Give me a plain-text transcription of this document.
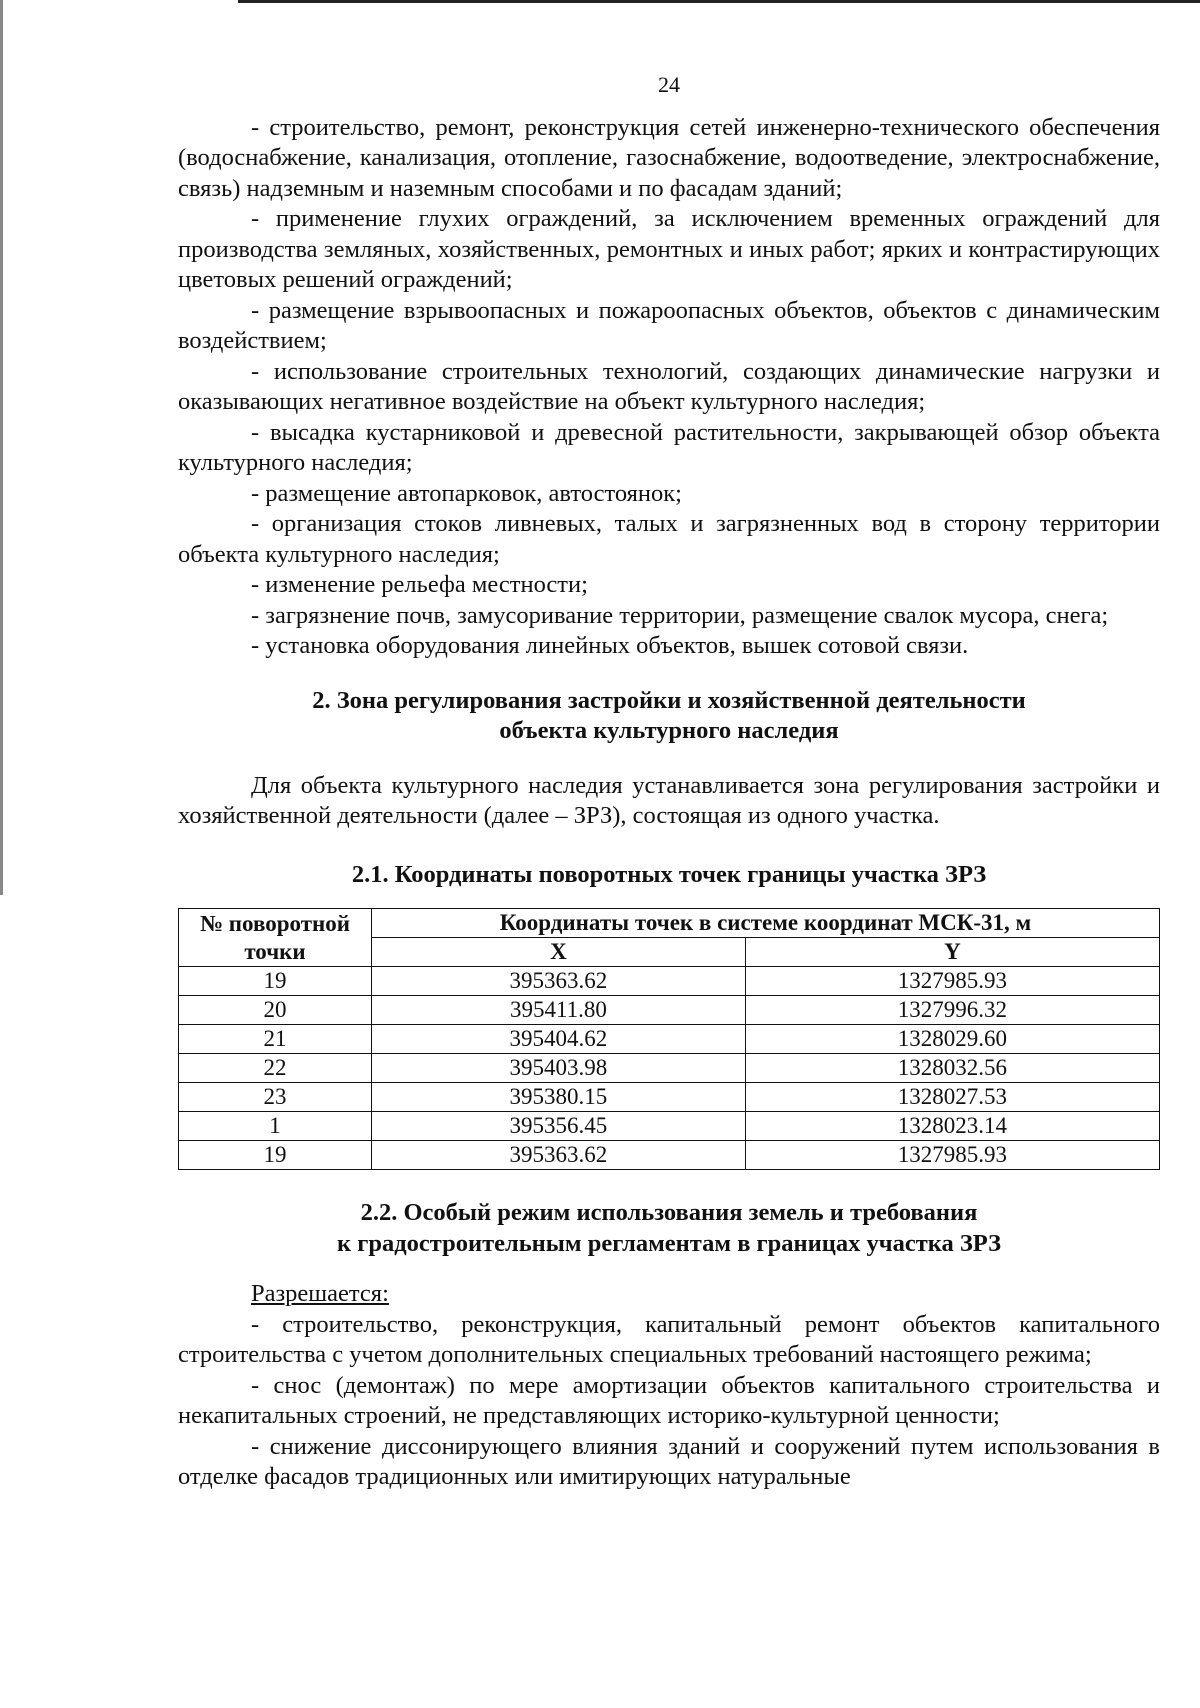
24

- строительство, ремонт, реконструкция сетей инженерно-технического обеспечения (водоснабжение, канализация, отопление, газоснабжение, водоотведение, электроснабжение, связь) надземным и наземным способами и по фасадам зданий;

- применение глухих ограждений, за исключением временных ограждений для производства земляных, хозяйственных, ремонтных и иных работ; ярких и контрастирующих цветовых решений ограждений;

- размещение взрывоопасных и пожароопасных объектов, объектов с динамическим воздействием;

- использование строительных технологий, создающих динамические нагрузки и оказывающих негативное воздействие на объект культурного наследия;

- высадка кустарниковой и древесной растительности, закрывающей обзор объекта культурного наследия;

- размещение автопарковок, автостоянок;

- организация стоков ливневых, талых и загрязненных вод в сторону территории объекта культурного наследия;

- изменение рельефа местности;

- загрязнение почв, замусоривание территории, размещение свалок мусора, снега;

- установка оборудования линейных объектов, вышек сотовой связи.

2. Зона регулирования застройки и хозяйственной деятельности

объекта культурного наследия

Для объекта культурного наследия устанавливается зона регулирования застройки и хозяйственной деятельности (далее – ЗРЗ), состоящая из одного участка.

2.1. Координаты поворотных точек границы участка ЗРЗ

№ поворотной
точки	Координаты точек в системе координат МСК-31, м	
	X	Y
19	395363.62	1327985.93
20	395411.80	1327996.32
21	395404.62	1328029.60
22	395403.98	1328032.56
23	395380.15	1328027.53
1	395356.45	1328023.14
19	395363.62	1327985.93

2.2. Особый режим использования земель и требования

к градостроительным регламентам в границах участка ЗРЗ

Разрешается:

- строительство, реконструкция, капитальный ремонт объектов капитального строительства с учетом дополнительных специальных требований настоящего режима;

- снос (демонтаж) по мере амортизации объектов капитального строительства и некапитальных строений, не представляющих историко-культурной ценности;

- снижение диссонирующего влияния зданий и сооружений путем использования в отделке фасадов традиционных или имитирующих натуральные
